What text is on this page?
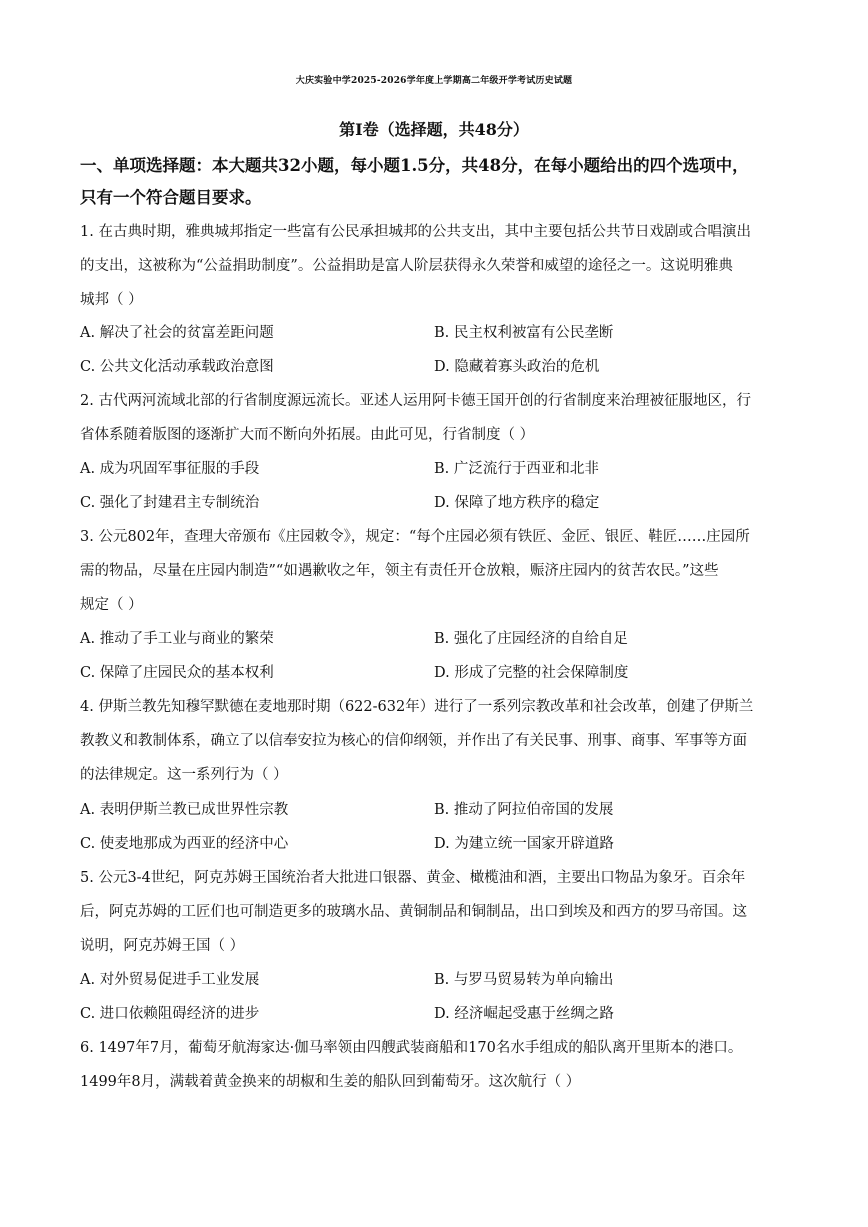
大庆实验中学2025-2026学年度上学期高二年级开学考试历史试题
第Ⅰ卷（选择题，共48分）
一、单项选择题：本大题共32小题，每小题1.5分，共48分，在每小题给出的四个选项中，
只有一个符合题目要求。
1. 在古典时期，雅典城邦指定一些富有公民承担城邦的公共支出，其中主要包括公共节日戏剧或合唱演出
的支出，这被称为“公益捐助制度”。公益捐助是富人阶层获得永久荣誉和威望的途径之一。这说明雅典
城邦（ ）
A. 解决了社会的贫富差距问题	B. 民主权利被富有公民垄断
C. 公共文化活动承载政治意图	D. 隐藏着寡头政治的危机
2. 古代两河流域北部的行省制度源远流长。亚述人运用阿卡德王国开创的行省制度来治理被征服地区，行
省体系随着版图的逐渐扩大而不断向外拓展。由此可见，行省制度（ ）
A. 成为巩固军事征服的手段	B. 广泛流行于西亚和北非
C. 强化了封建君主专制统治	D. 保障了地方秩序的稳定
3. 公元802年，查理大帝颁布《庄园敕令》，规定：“每个庄园必须有铁匠、金匠、银匠、鞋匠……庄园所
需的物品，尽量在庄园内制造”“如遇歉收之年，领主有责任开仓放粮，赈济庄园内的贫苦农民。”这些
规定（ ）
A. 推动了手工业与商业的繁荣	B. 强化了庄园经济的自给自足
C. 保障了庄园民众的基本权利	D. 形成了完整的社会保障制度
4. 伊斯兰教先知穆罕默德在麦地那时期（622-632年）进行了一系列宗教改革和社会改革，创建了伊斯兰
教教义和教制体系，确立了以信奉安拉为核心的信仰纲领，并作出了有关民事、刑事、商事、军事等方面
的法律规定。这一系列行为（ ）
A. 表明伊斯兰教已成世界性宗教	B. 推动了阿拉伯帝国的发展
C. 使麦地那成为西亚的经济中心	D. 为建立统一国家开辟道路
5. 公元3-4世纪，阿克苏姆王国统治者大批进口银器、黄金、橄榄油和酒，主要出口物品为象牙。百余年
后，阿克苏姆的工匠们也可制造更多的玻璃水品、黄铜制品和铜制品，出口到埃及和西方的罗马帝国。这
说明，阿克苏姆王国（ ）
A. 对外贸易促进手工业发展	B. 与罗马贸易转为单向输出
C. 进口依赖阻碍经济的进步	D. 经济崛起受惠于丝绸之路
6. 1497年7月，葡萄牙航海家达·伽马率领由四艘武装商船和170名水手组成的船队离开里斯本的港口。
1499年8月，满载着黄金换来的胡椒和生姜的船队回到葡萄牙。这次航行（ ）
